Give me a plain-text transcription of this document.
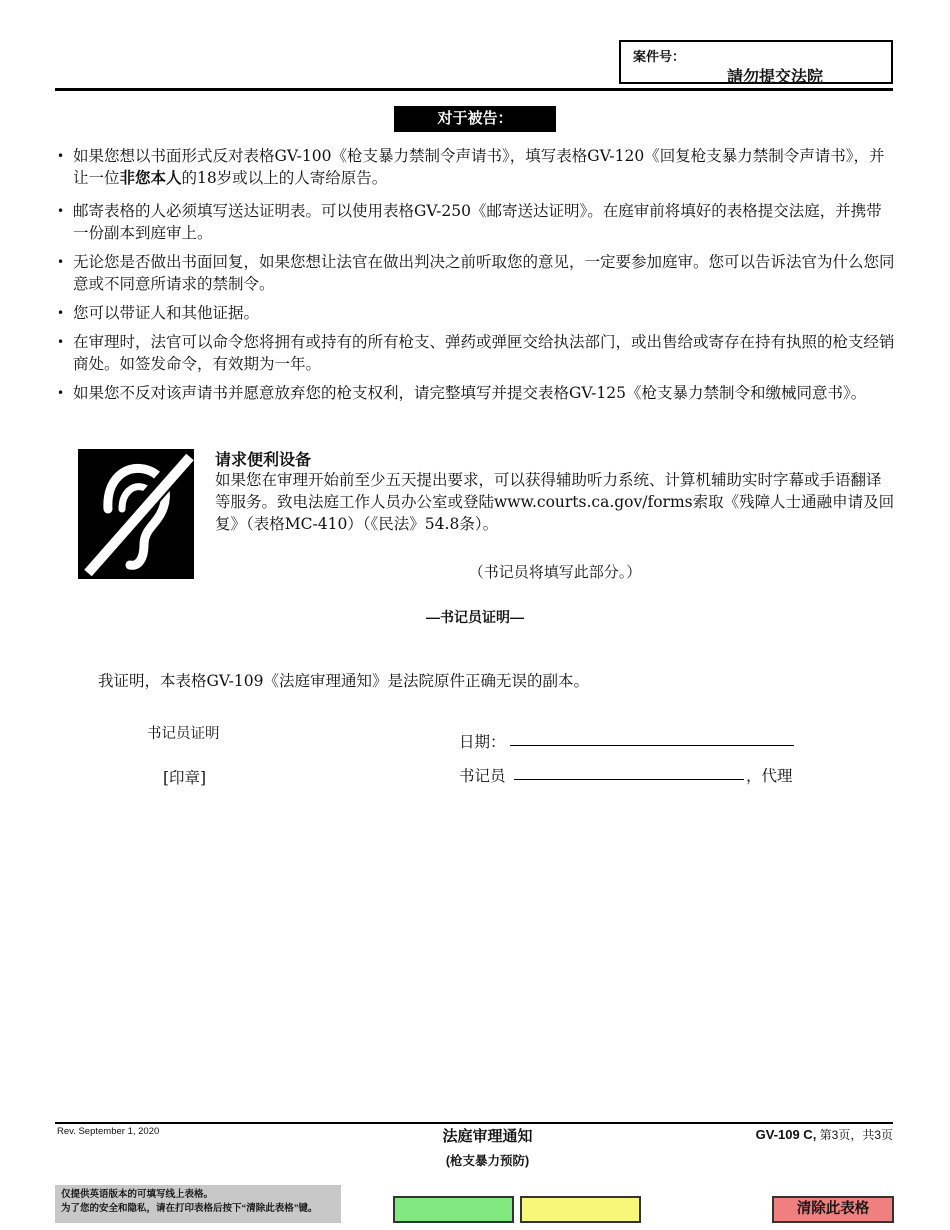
案件号：
請勿提交法院
对于被告：
• 如果您想以书面形式反对表格GV-100《枪支暴力禁制令声请书》，填写表格GV-120《回复枪支暴力禁制令声请书》，并让一位非您本人的18岁或以上的人寄给原告。
• 邮寄表格的人必须填写送达证明表。可以使用表格GV-250《邮寄送达证明》。在庭审前将填好的表格提交法庭，并携带一份副本到庭审上。
• 无论您是否做出书面回复，如果您想让法官在做出判决之前听取您的意见，一定要参加庭审。您可以告诉法官为什么您同意或不同意所请求的禁制令。
• 您可以带证人和其他证据。
• 在审理时，法官可以命令您将拥有或持有的所有枪支、弹药或弹匣交给执法部门，或出售给或寄存在持有执照的枪支经销商处。如签发命令，有效期为一年。
• 如果您不反对该声请书并愿意放弃您的枪支权利，请完整填写并提交表格GV-125《枪支暴力禁制令和缴械同意书》。
请求便利设备
如果您在审理开始前至少五天提出要求，可以获得辅助听力系统、计算机辅助实时字幕或手语翻译等服务。致电法庭工作人员办公室或登陆www.courts.ca.gov/forms索取《残障人士通融申请及回复》（表格MC-410）（《民法》54.8条）。
（书记员将填写此部分。）
—书记员证明—
我证明，本表格GV-109《法庭审理通知》是法院原件正确无误的副本。
书记员证明
[印章]
日期：
书记员	，代理
Rev. September 1, 2020	法庭审理通知
(枪支暴力预防)
GV-109 C, 第3页，共3页
仅提供英语版本的可填写线上表格。
为了您的安全和隐私，请在打印表格后按下“清除此表格”键。	清除此表格
